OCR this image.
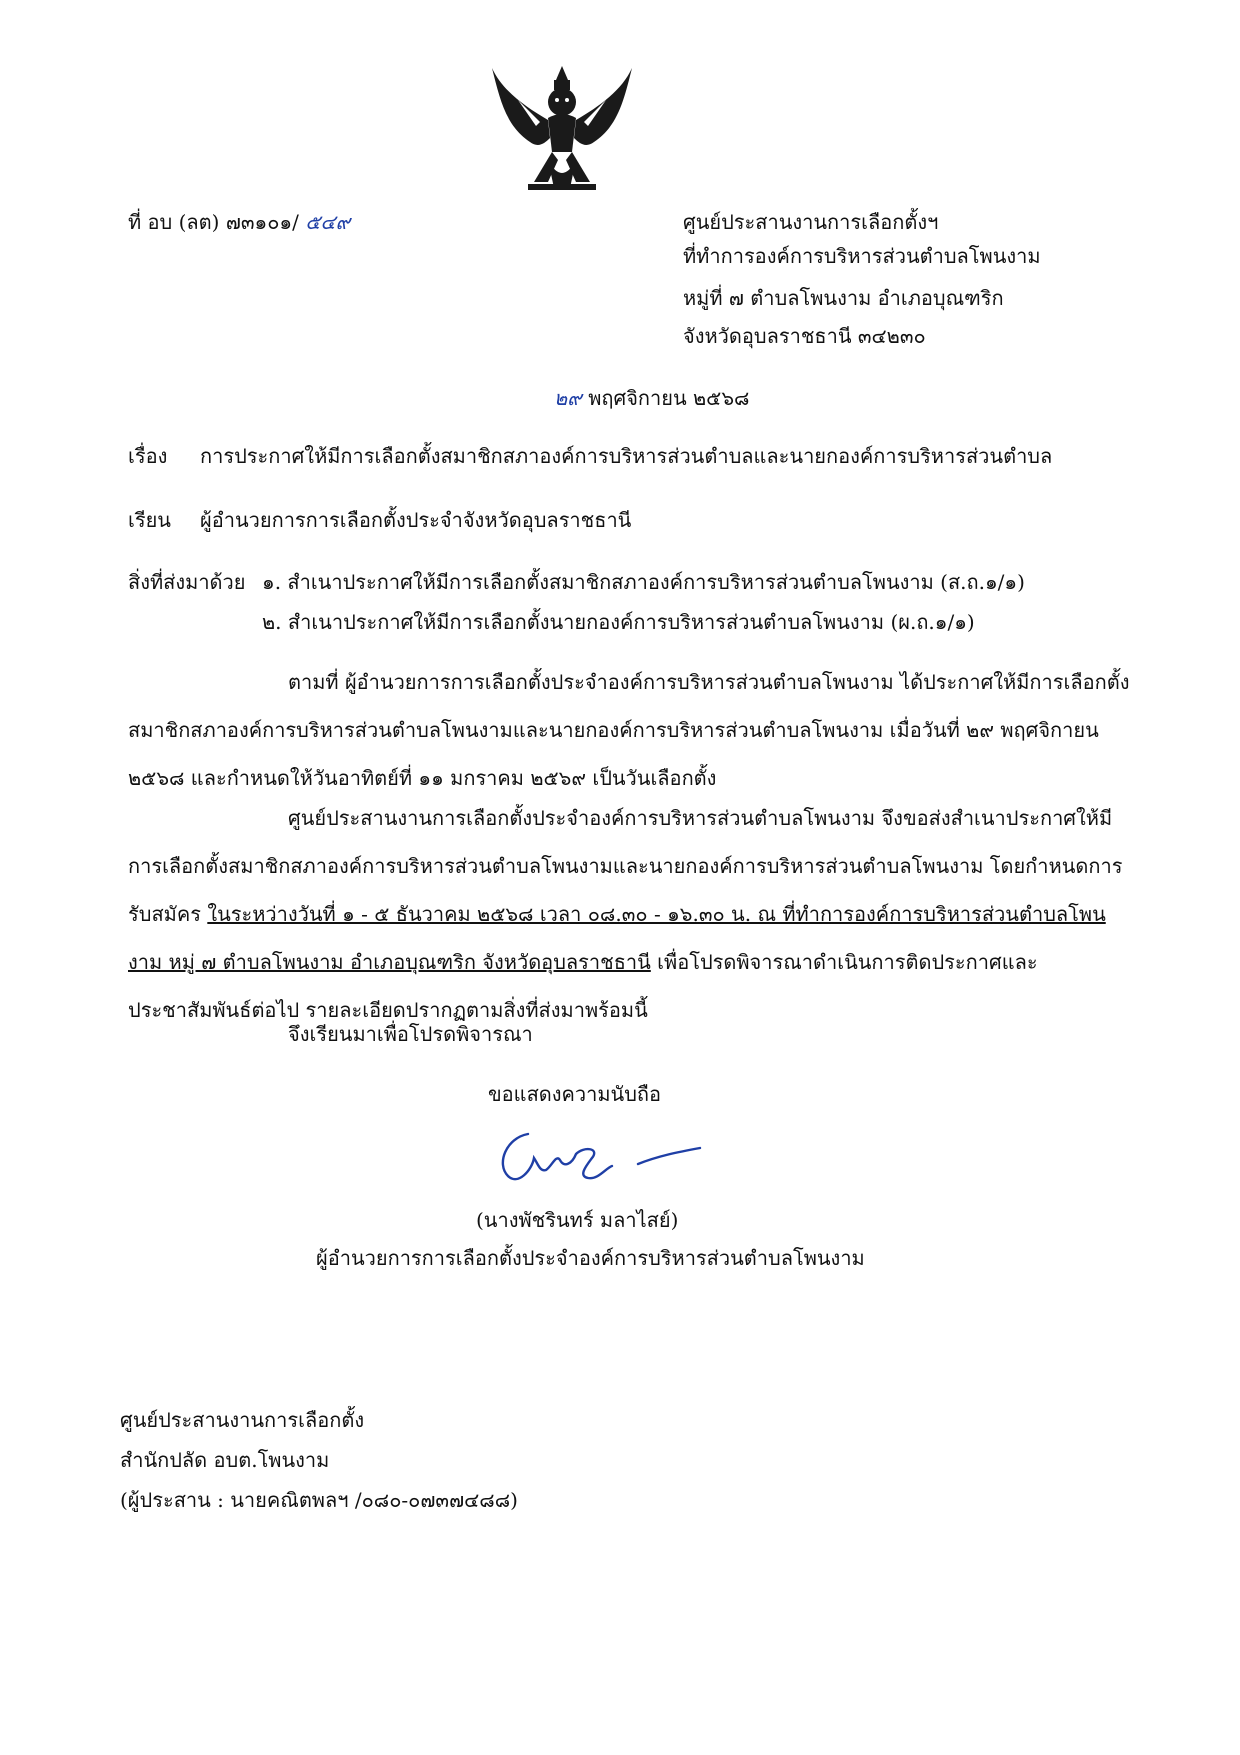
ที่ อบ (ลต) ๗๓๑๐๑/ ๕๔๙	ศูนย์ประสานงานการเลือกตั้งฯ
ที่ทำการองค์การบริหารส่วนตำบลโพนงาม
หมู่ที่ ๗ ตำบลโพนงาม อำเภอบุณฑริก
จังหวัดอุบลราชธานี ๓๔๒๓๐
๒๙ พฤศจิกายน ๒๕๖๘
เรื่อง การประกาศให้มีการเลือกตั้งสมาชิกสภาองค์การบริหารส่วนตำบลและนายกองค์การบริหารส่วนตำบล
เรียน ผู้อำนวยการการเลือกตั้งประจำจังหวัดอุบลราชธานี
สิ่งที่ส่งมาด้วย ๑. สำเนาประกาศให้มีการเลือกตั้งสมาชิกสภาองค์การบริหารส่วนตำบลโพนงาม (ส.ถ.๑/๑)
๒. สำเนาประกาศให้มีการเลือกตั้งนายกองค์การบริหารส่วนตำบลโพนงาม (ผ.ถ.๑/๑)
ตามที่ ผู้อำนวยการการเลือกตั้งประจำองค์การบริหารส่วนตำบลโพนงาม ได้ประกาศให้มีการเลือกตั้งสมาชิกสภาองค์การบริหารส่วนตำบลโพนงามและนายกองค์การบริหารส่วนตำบลโพนงาม เมื่อวันที่ ๒๙ พฤศจิกายน ๒๕๖๘ และกำหนดให้วันอาทิตย์ที่ ๑๑ มกราคม ๒๕๖๙ เป็นวันเลือกตั้ง
ศูนย์ประสานงานการเลือกตั้งประจำองค์การบริหารส่วนตำบลโพนงาม จึงขอส่งสำเนาประกาศให้มีการเลือกตั้งสมาชิกสภาองค์การบริหารส่วนตำบลโพนงามและนายกองค์การบริหารส่วนตำบลโพนงาม โดยกำหนดการรับสมัคร ในระหว่างวันที่ ๑ - ๕ ธันวาคม ๒๕๖๘ เวลา ๐๘.๓๐ - ๑๖.๓๐ น. ณ ที่ทำการองค์การบริหารส่วนตำบลโพนงาม หมู่ ๗ ตำบลโพนงาม อำเภอบุณฑริก จังหวัดอุบลราชธานี เพื่อโปรดพิจารณาดำเนินการติดประกาศและประชาสัมพันธ์ต่อไป รายละเอียดปรากฏตามสิ่งที่ส่งมาพร้อมนี้
จึงเรียนมาเพื่อโปรดพิจารณา
ขอแสดงความนับถือ
(นางพัชรินทร์ มลาไสย์)
ผู้อำนวยการการเลือกตั้งประจำองค์การบริหารส่วนตำบลโพนงาม
ศูนย์ประสานงานการเลือกตั้ง
สำนักปลัด อบต.โพนงาม
(ผู้ประสาน : นายคณิตพลฯ /๐๘๐-๐๗๓๗๔๘๘)
